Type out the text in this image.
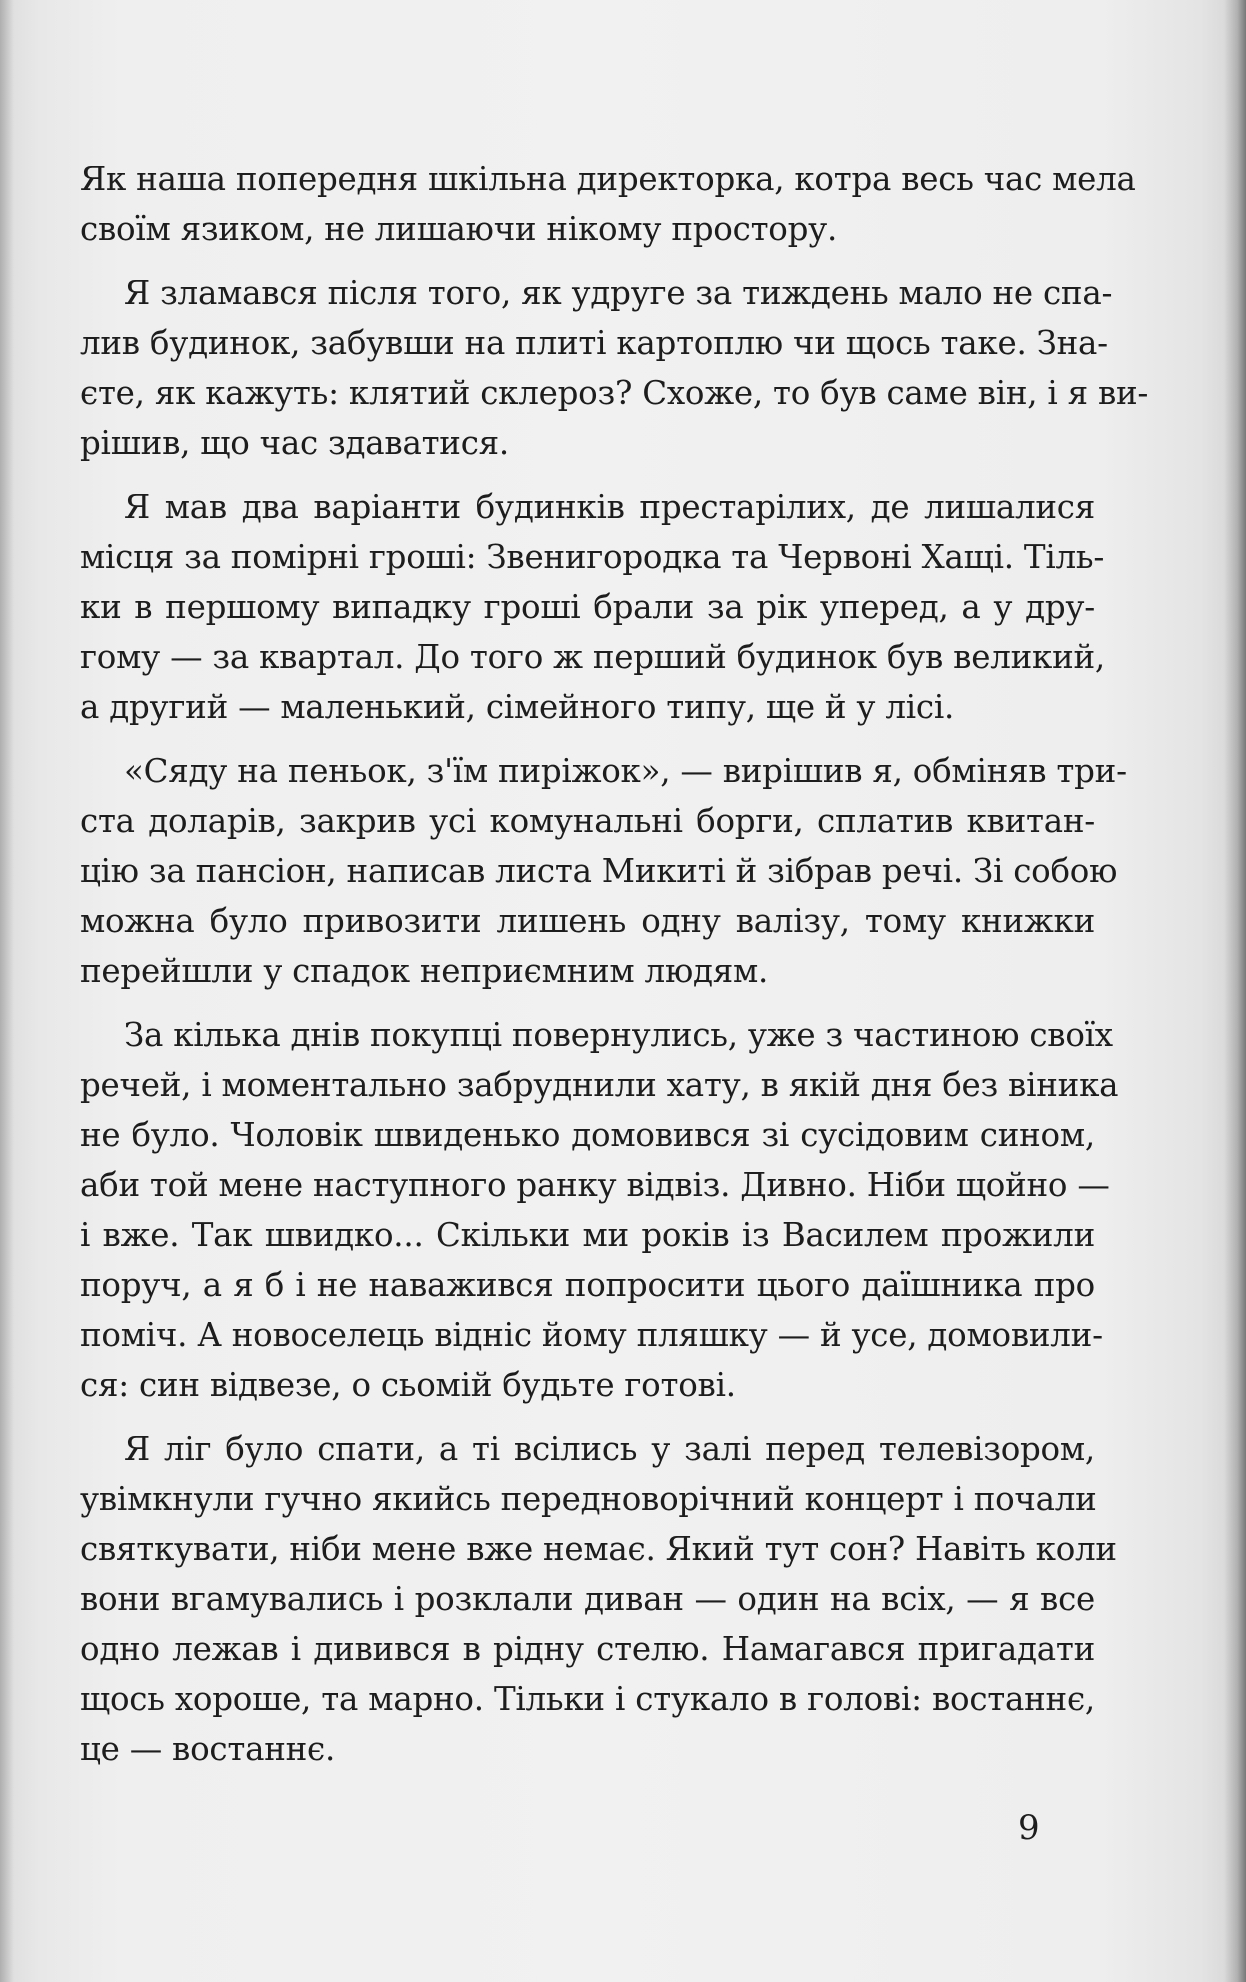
Як наша попередня шкільна директорка, котра весь час мела
своїм язиком, не лишаючи нікому простору.
Я зламався після того, як удруге за тиждень мало не спа-
лив будинок, забувши на плиті картоплю чи щось таке. Зна-
єте, як кажуть: клятий склероз? Схоже, то був саме він, і я ви-
рішив, що час здаватися.
Я мав два варіанти будинків престарілих, де лишалися
місця за помірні гроші: Звенигородка та Червоні Хащі. Тіль-
ки в першому випадку гроші брали за рік уперед, а у дру-
гому — за квартал. До того ж перший будинок був великий,
а другий — маленький, сімейного типу, ще й у лісі.
«Сяду на пеньок, з'їм пиріжок», — вирішив я, обміняв три-
ста доларів, закрив усі комунальні борги, сплатив квитан-
цію за пансіон, написав листа Микиті й зібрав речі. Зі собою
можна було привозити лишень одну валізу, тому книжки
перейшли у спадок неприємним людям.
За кілька днів покупці повернулись, уже з частиною своїх
речей, і моментально забруднили хату, в якій дня без віника
не було. Чоловік швиденько домовився зі сусідовим сином,
аби той мене наступного ранку відвіз. Дивно. Ніби щойно —
і вже. Так швидко... Скільки ми років із Василем прожили
поруч, а я б і не наважився попросити цього даїшника про
поміч. А новоселець відніс йому пляшку — й усе, домовили-
ся: син відвезе, о сьомій будьте готові.
Я ліг було спати, а ті всілись у залі перед телевізором,
увімкнули гучно якийсь передноворічний концерт і почали
святкувати, ніби мене вже немає. Який тут сон? Навіть коли
вони вгамувались і розклали диван — один на всіх, — я все
одно лежав і дивився в рідну стелю. Намагався пригадати
щось хороше, та марно. Тільки і стукало в голові: востаннє,
це — востаннє.
9
